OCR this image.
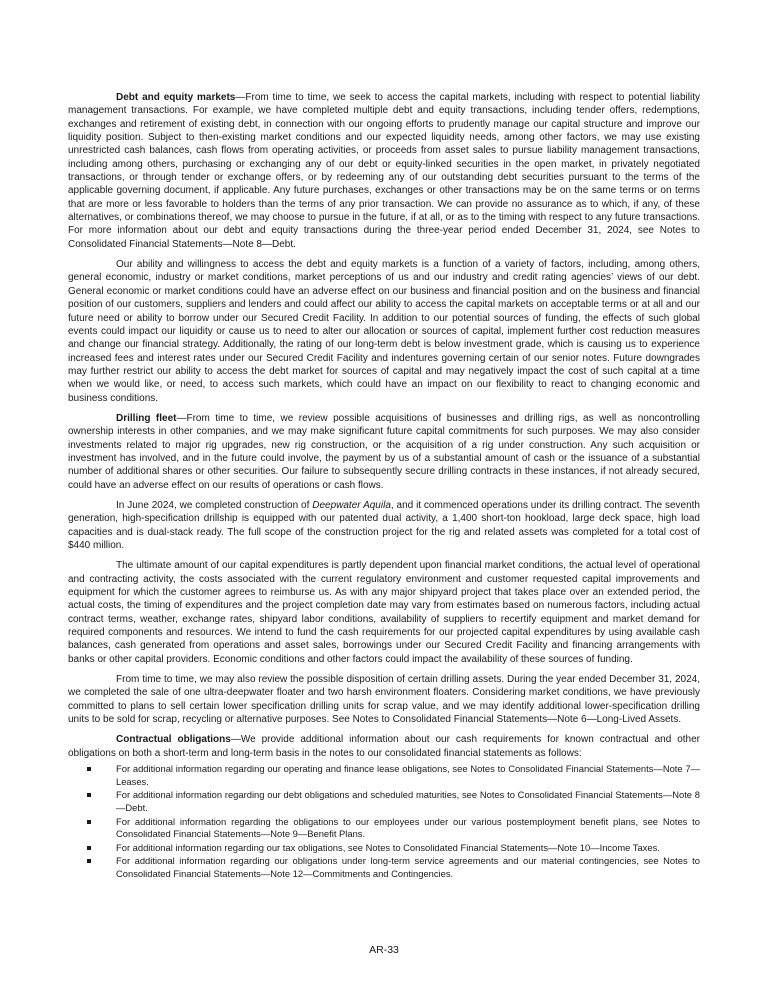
Debt and equity markets—From time to time, we seek to access the capital markets, including with respect to potential liability management transactions. For example, we have completed multiple debt and equity transactions, including tender offers, redemptions, exchanges and retirement of existing debt, in connection with our ongoing efforts to prudently manage our capital structure and improve our liquidity position. Subject to then-existing market conditions and our expected liquidity needs, among other factors, we may use existing unrestricted cash balances, cash flows from operating activities, or proceeds from asset sales to pursue liability management transactions, including among others, purchasing or exchanging any of our debt or equity-linked securities in the open market, in privately negotiated transactions, or through tender or exchange offers, or by redeeming any of our outstanding debt securities pursuant to the terms of the applicable governing document, if applicable. Any future purchases, exchanges or other transactions may be on the same terms or on terms that are more or less favorable to holders than the terms of any prior transaction. We can provide no assurance as to which, if any, of these alternatives, or combinations thereof, we may choose to pursue in the future, if at all, or as to the timing with respect to any future transactions. For more information about our debt and equity transactions during the three-year period ended December 31, 2024, see Notes to Consolidated Financial Statements—Note 8—Debt.

Our ability and willingness to access the debt and equity markets is a function of a variety of factors, including, among others, general economic, industry or market conditions, market perceptions of us and our industry and credit rating agencies’ views of our debt. General economic or market conditions could have an adverse effect on our business and financial position and on the business and financial position of our customers, suppliers and lenders and could affect our ability to access the capital markets on acceptable terms or at all and our future need or ability to borrow under our Secured Credit Facility. In addition to our potential sources of funding, the effects of such global events could impact our liquidity or cause us to need to alter our allocation or sources of capital, implement further cost reduction measures and change our financial strategy. Additionally, the rating of our long-term debt is below investment grade, which is causing us to experience increased fees and interest rates under our Secured Credit Facility and indentures governing certain of our senior notes. Future downgrades may further restrict our ability to access the debt market for sources of capital and may negatively impact the cost of such capital at a time when we would like, or need, to access such markets, which could have an impact on our flexibility to react to changing economic and business conditions.

Drilling fleet—From time to time, we review possible acquisitions of businesses and drilling rigs, as well as noncontrolling ownership interests in other companies, and we may make significant future capital commitments for such purposes. We may also consider investments related to major rig upgrades, new rig construction, or the acquisition of a rig under construction. Any such acquisition or investment has involved, and in the future could involve, the payment by us of a substantial amount of cash or the issuance of a substantial number of additional shares or other securities. Our failure to subsequently secure drilling contracts in these instances, if not already secured, could have an adverse effect on our results of operations or cash flows.

In June 2024, we completed construction of Deepwater Aquila, and it commenced operations under its drilling contract. The seventh generation, high-specification drillship is equipped with our patented dual activity, a 1,400 short-ton hookload, large deck space, high load capacities and is dual-stack ready. The full scope of the construction project for the rig and related assets was completed for a total cost of $440 million.

The ultimate amount of our capital expenditures is partly dependent upon financial market conditions, the actual level of operational and contracting activity, the costs associated with the current regulatory environment and customer requested capital improvements and equipment for which the customer agrees to reimburse us. As with any major shipyard project that takes place over an extended period, the actual costs, the timing of expenditures and the project completion date may vary from estimates based on numerous factors, including actual contract terms, weather, exchange rates, shipyard labor conditions, availability of suppliers to recertify equipment and market demand for required components and resources. We intend to fund the cash requirements for our projected capital expenditures by using available cash balances, cash generated from operations and asset sales, borrowings under our Secured Credit Facility and financing arrangements with banks or other capital providers. Economic conditions and other factors could impact the availability of these sources of funding.

From time to time, we may also review the possible disposition of certain drilling assets. During the year ended December 31, 2024, we completed the sale of one ultra-deepwater floater and two harsh environment floaters. Considering market conditions, we have previously committed to plans to sell certain lower specification drilling units for scrap value, and we may identify additional lower-specification drilling units to be sold for scrap, recycling or alternative purposes. See Notes to Consolidated Financial Statements—Note 6—Long-Lived Assets.

Contractual obligations—We provide additional information about our cash requirements for known contractual and other obligations on both a short-term and long-term basis in the notes to our consolidated financial statements as follows:

For additional information regarding our operating and finance lease obligations, see Notes to Consolidated Financial Statements—Note 7—Leases.
For additional information regarding our debt obligations and scheduled maturities, see Notes to Consolidated Financial Statements—Note 8—Debt.
For additional information regarding the obligations to our employees under our various postemployment benefit plans, see Notes to Consolidated Financial Statements—Note 9—Benefit Plans.
For additional information regarding our tax obligations, see Notes to Consolidated Financial Statements—Note 10—Income Taxes.
For additional information regarding our obligations under long-term service agreements and our material contingencies, see Notes to Consolidated Financial Statements—Note 12—Commitments and Contingencies.
AR-33
